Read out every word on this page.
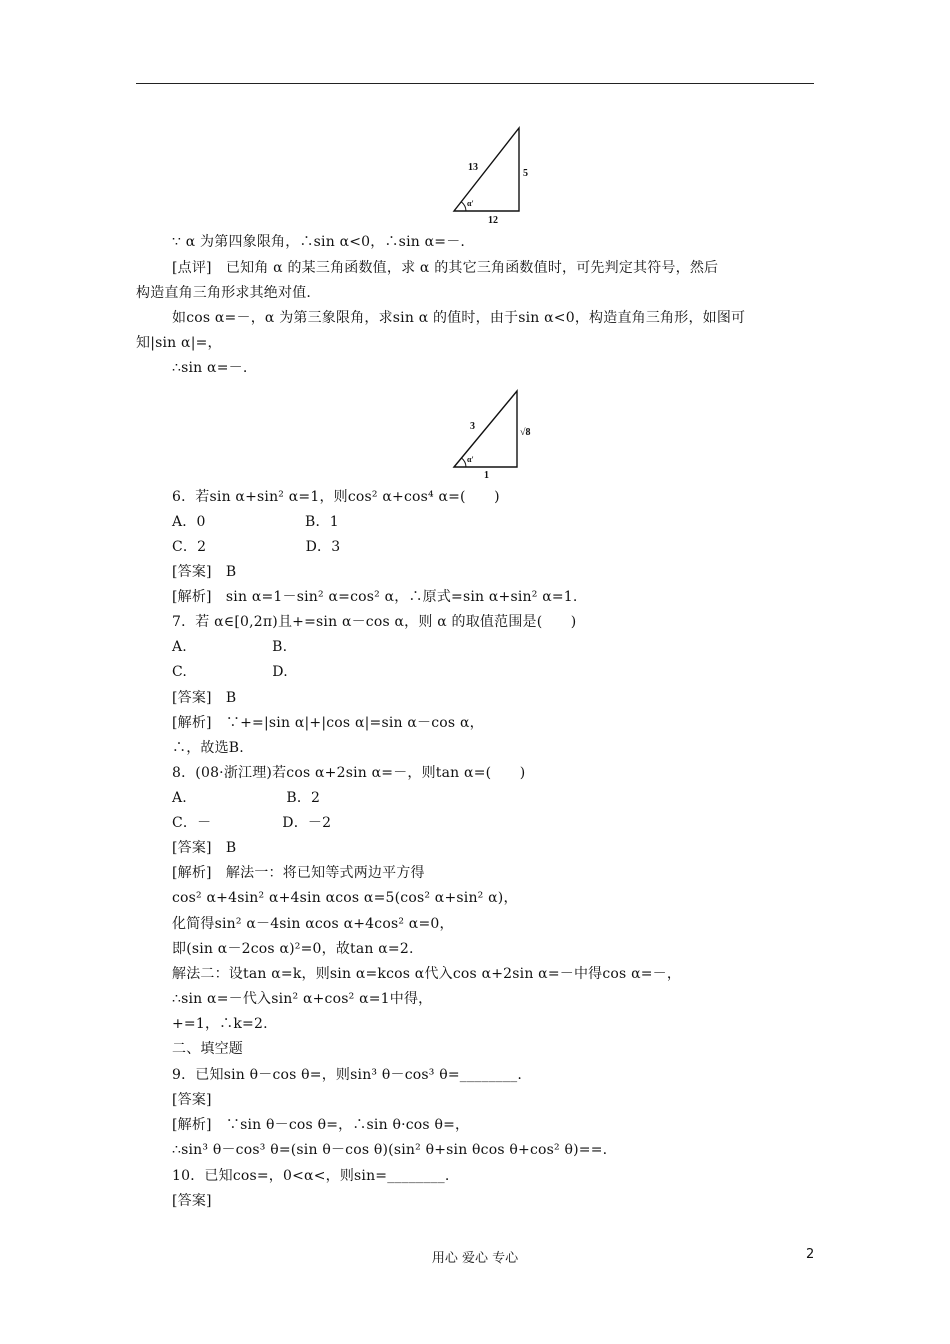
13
5
12
α'
3
√8
1
α'

∵ α 为第四象限角，∴sin α<0，∴sin α=－.

[点评]　已知角 α 的某三角函数值，求 α 的其它三角函数值时，可先判定其符号，然后

构造直角三角形求其绝对值.

如cos α=－，α 为第三象限角，求sin α 的值时，由于sin α<0，构造直角三角形，如图可

知|sin α|=，

∴sin α=－.

6．若sin α+sin² α=1，则cos² α+cos⁴ α=(　　)

A．0　　　　　　　B．1

C．2　　　　　　　D．3

[答案]　B

[解析]　sin α=1－sin² α=cos² α，∴原式=sin α+sin² α=1.

7．若 α∈[0,2π)且+=sin α－cos α，则 α 的取值范围是(　　)

A.　　　　　　B.

C.　　　　　　D.

[答案]　B

[解析]　∵+=|sin α|+|cos α|=sin α－cos α，

∴，故选B.

8．(08·浙江理)若cos α+2sin α=－，则tan α=(　　)

A.　　　　　　　B．2

C．－　　　　　D．－2

[答案]　B

[解析]　解法一：将已知等式两边平方得

cos² α+4sin² α+4sin αcos α=5(cos² α+sin² α)，

化简得sin² α－4sin αcos α+4cos² α=0，

即(sin α－2cos α)²=0，故tan α=2.

解法二：设tan α=k，则sin α=kcos α代入cos α+2sin α=－中得cos α=－，

∴sin α=－代入sin² α+cos² α=1中得，

+=1，∴k=2.

二、填空题

9．已知sin θ－cos θ=，则sin³ θ－cos³ θ=________.

[答案]

[解析]　∵sin θ－cos θ=，∴sin θ·cos θ=，

∴sin³ θ－cos³ θ=(sin θ－cos θ)(sin² θ+sin θcos θ+cos² θ)==.

10．已知cos=，0<α<，则sin=________.

[答案]

用心 爱心 专心	2
